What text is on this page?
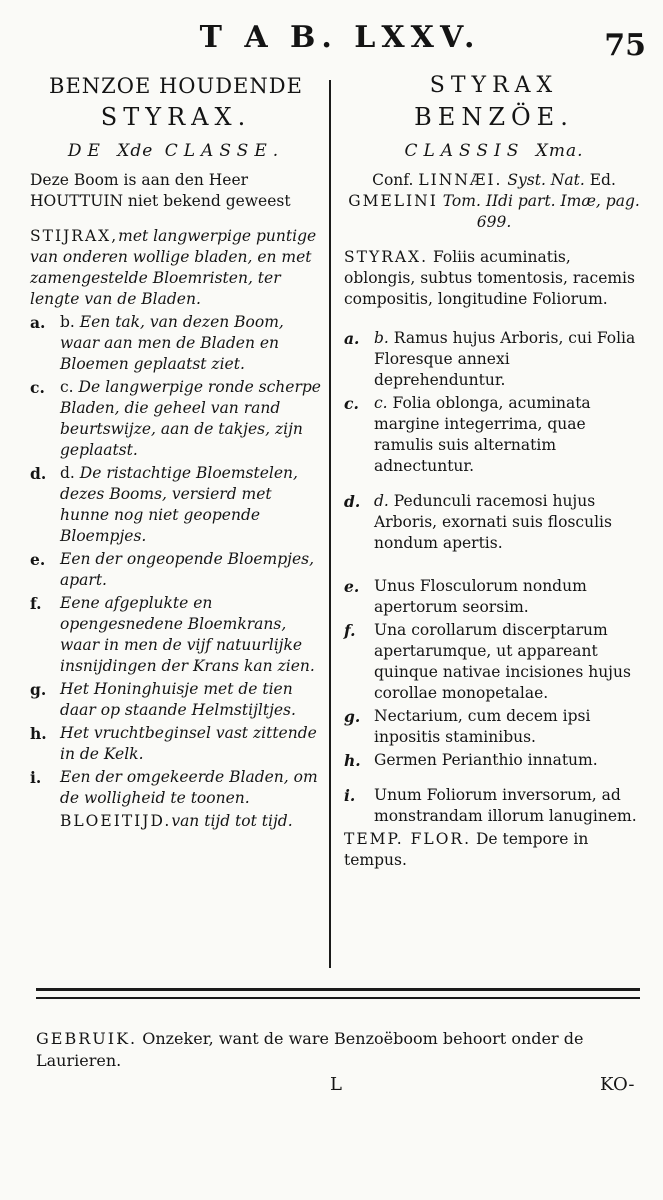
T A B. LXXV.	75
BENZOE HOUDENDE
STYRAX.
DE Xde CLASSE.
Deze Boom is aan den Heer HOUTTUIN niet bekend geweest
STIJRAX,met langwerpige puntige van onderen wollige bladen, en met zamengestelde Bloemristen, ter lengte van de Bladen.
a. b. Een tak, van dezen Boom, waar aan men de Bladen en Bloemen geplaatst ziet.
c. c. De langwerpige ronde scherpe Bladen, die geheel van rand beurtswijze, aan de takjes, zijn geplaatst.
d. d. De ristachtige Bloemstelen, dezes Booms, versierd met hunne nog niet geopende Bloempjes.
e. Een der ongeopende Bloempjes, apart.
f.	Eene afgeplukte en opengesnedene Bloemkrans, waar in men de vijf natuurlijke insnijdingen der Krans kan zien.
g. Het Honinghuisje met de tien daar op staande Helmstijltjes.
h. Het vruchtbeginsel vast zittende in de Kelk.
i.	Een der omgekeerde Bladen, om de wolligheid te toonen.
BLOEITIJD.van tijd tot tijd.
STYRAX
BENZÖE.
CLASSIS Xma.
Conf. LINNÆI. Syst. Nat. Ed. GMELINI Tom. IIdi part. Imæ, pag. 699.
STYRAX. Foliis acuminatis, oblongis, subtus tomentosis, racemis compositis, longitudine Foliorum.
a. b. Ramus hujus Arboris, cui Folia Floresque annexi deprehenduntur.
c. c. Folia oblonga, acuminata margine integerrima, quae ramulis suis alternatim adnectuntur.
d. d. Pedunculi racemosi hujus Arboris, exornati suis flosculis nondum apertis.
e. Unus Flosculorum nondum apertorum seorsim.
f.	Una corollarum discerptarum apertarumque, ut appareant quinque nativae incisiones hujus corollae monopetalae.
g. Nectarium, cum decem ipsi inpositis staminibus.
h. Germen Perianthio innatum.
i.	Unum Foliorum inversorum, ad monstrandam illorum lanuginem.
TEMP. FLOR. De tempore in tempus.
GEBRUIK. Onzeker, want de ware Benzoëboom behoort onder de Laurieren.
L	KO-
